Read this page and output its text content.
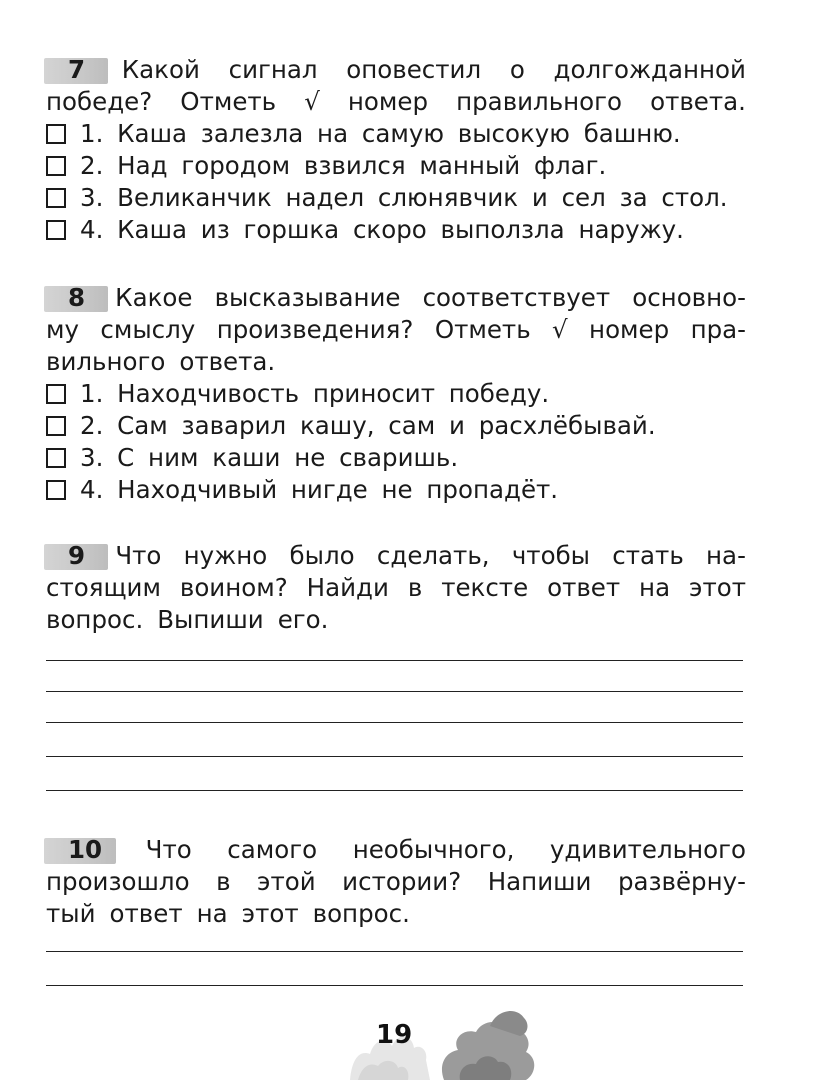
7	Какой сигнал оповестил о долгожданной
победе? Отметь √ номер правильного ответа.
1. Каша залезла на самую высокую башню.
2. Над городом взвился манный флаг.
3. Великанчик надел слюнявчик и сел за стол.
4. Каша из горшка скоро выползла наружу.
8	Какое высказывание соответствует основно-
му смыслу произведения? Отметь √ номер пра-
вильного ответа.
1. Находчивость приносит победу.
2. Сам заварил кашу, сам и расхлёбывай.
3. С ним каши не сваришь.
4. Находчивый нигде не пропадёт.
9	Что нужно было сделать, чтобы стать на-
стоящим воином? Найди в тексте ответ на этот
вопрос. Выпиши его.
10	Что самого необычного, удивительного
произошло в этой истории? Напиши развёрну-
тый ответ на этот вопрос.
19
